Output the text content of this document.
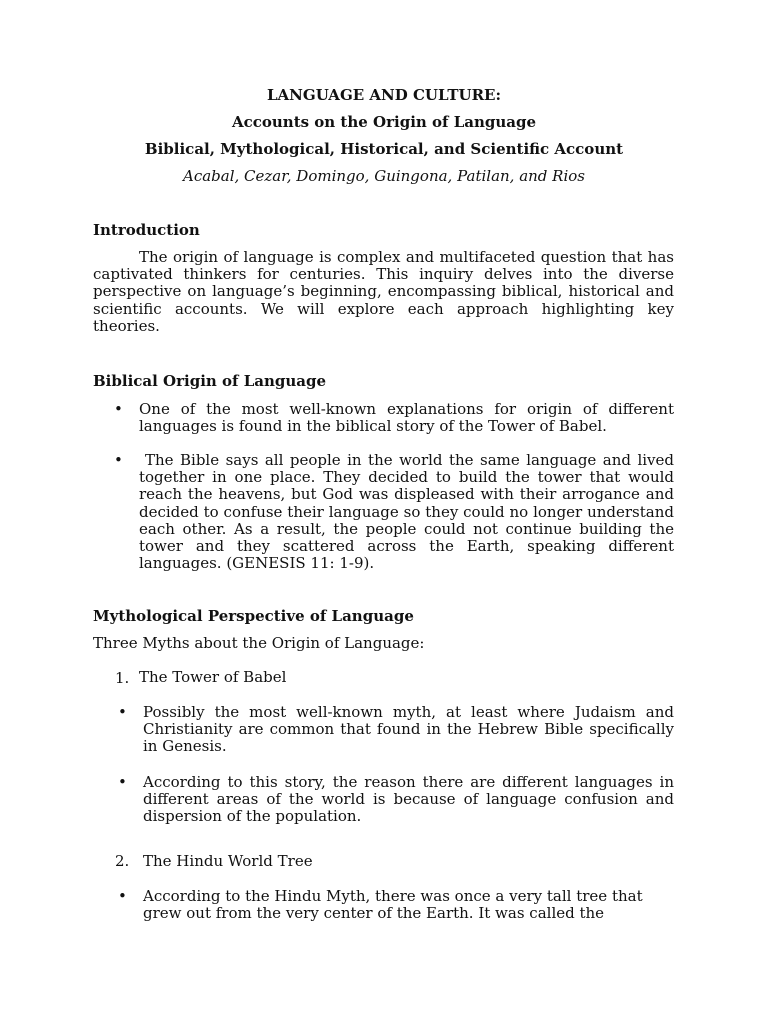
LANGUAGE AND CULTURE:

Accounts on the Origin of Language

Biblical, Mythological, Historical, and Scientific Account

Acabal, Cezar, Domingo, Guingona, Patilan, and Rios

Introduction

The origin of language is complex and multifaceted question that has captivated thinkers for centuries. This inquiry delves into the diverse perspective on language’s beginning, encompassing biblical, historical and scientific accounts. We will explore each approach highlighting key theories.

Biblical Origin of Language

• One of the most well-known explanations for origin of different languages is found in the biblical story of the Tower of Babel.

•	The Bible says all people in the world the same language and lived together in one place. They decided to build the tower that would reach the heavens, but God was displeased with their arrogance and decided to confuse their language so they could no longer understand each other. As a result, the people could not continue building the tower and they scattered across the Earth, speaking different languages. (GENESIS 11: 1-9).

Mythological Perspective of Language

Three Myths about the Origin of Language:

1. The Tower of Babel

• Possibly the most well-known myth, at least where Judaism and Christianity are common that found in the Hebrew Bible specifically in Genesis.

• According to this story, the reason there are different languages in different areas of the world is because of language confusion and dispersion of the population.

2. The Hindu World Tree

• According to the Hindu Myth, there was once a very tall tree that grew out from the very center of the Earth. It was called the
